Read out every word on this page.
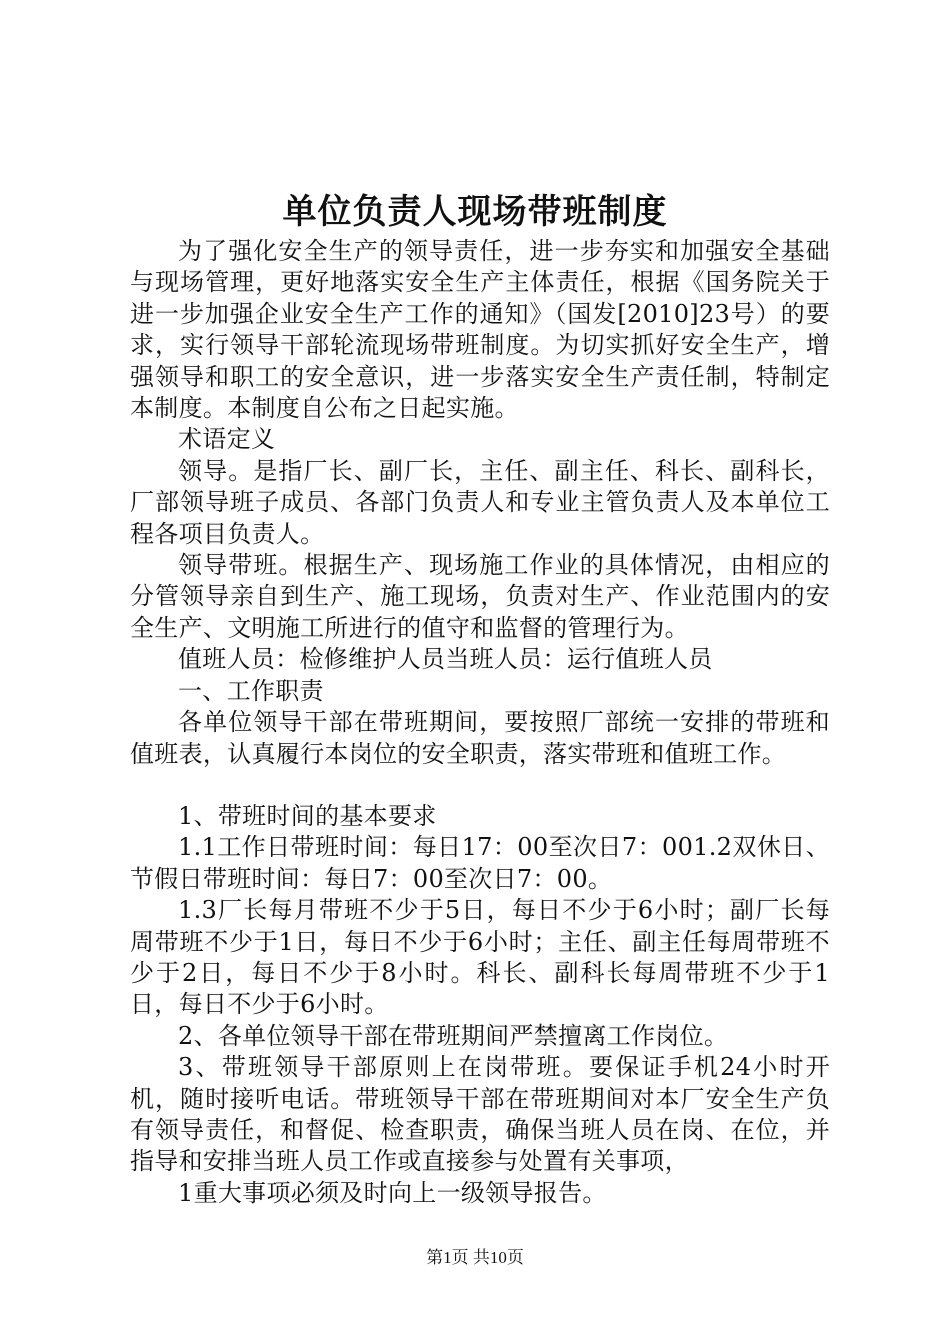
单位负责人现场带班制度

为了强化安全生产的领导责任，进一步夯实和加强安全基础与现场管理，更好地落实安全生产主体责任，根据《国务院关于进一步加强企业安全生产工作的通知》（国发[2010]23号）的要求，实行领导干部轮流现场带班制度。为切实抓好安全生产，增强领导和职工的安全意识，进一步落实安全生产责任制，特制定本制度。本制度自公布之日起实施。

术语定义

领导。是指厂长、副厂长，主任、副主任、科长、副科长，厂部领导班子成员、各部门负责人和专业主管负责人及本单位工程各项目负责人。

领导带班。根据生产、现场施工作业的具体情况，由相应的分管领导亲自到生产、施工现场，负责对生产、作业范围内的安全生产、文明施工所进行的值守和监督的管理行为。

值班人员：检修维护人员当班人员：运行值班人员

一、工作职责

各单位领导干部在带班期间，要按照厂部统一安排的带班和值班表，认真履行本岗位的安全职责，落实带班和值班工作。

1、带班时间的基本要求

1.1工作日带班时间：每日17：00至次日7：001.2双休日、节假日带班时间：每日7：00至次日7：00。

1.3厂长每月带班不少于5日，每日不少于6小时；副厂长每周带班不少于1日，每日不少于6小时；主任、副主任每周带班不少于2日，每日不少于8小时。科长、副科长每周带班不少于1日，每日不少于6小时。

2、各单位领导干部在带班期间严禁擅离工作岗位。

3、带班领导干部原则上在岗带班。要保证手机24小时开机，随时接听电话。带班领导干部在带班期间对本厂安全生产负有领导责任，和督促、检查职责，确保当班人员在岗、在位，并指导和安排当班人员工作或直接参与处置有关事项，

1重大事项必须及时向上一级领导报告。

第1页 共10页
